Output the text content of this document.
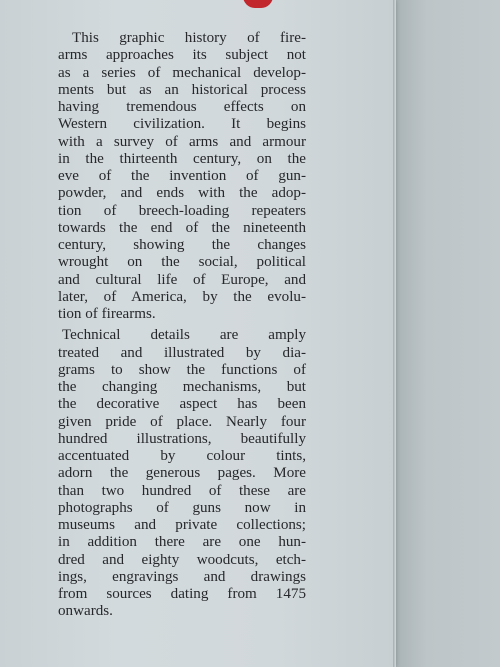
This graphic history of fire-
arms approaches its subject not
as a series of mechanical develop-
ments but as an historical process
having tremendous effects on
Western civilization. It begins
with a survey of arms and armour
in the thirteenth century, on the
eve of the invention of gun-
powder, and ends with the adop-
tion of breech-loading repeaters
towards the end of the nineteenth
century, showing the changes
wrought on the social, political
and cultural life of Europe, and
later, of America, by the evolu-
tion of firearms.
Technical details are amply
treated and illustrated by dia-
grams to show the functions of
the changing mechanisms, but
the decorative aspect has been
given pride of place. Nearly four
hundred illustrations, beautifully
accentuated by colour tints,
adorn the generous pages. More
than two hundred of these are
photographs of guns now in
museums and private collections;
in addition there are one hun-
dred and eighty woodcuts, etch-
ings, engravings and drawings
from sources dating from 1475
onwards.
